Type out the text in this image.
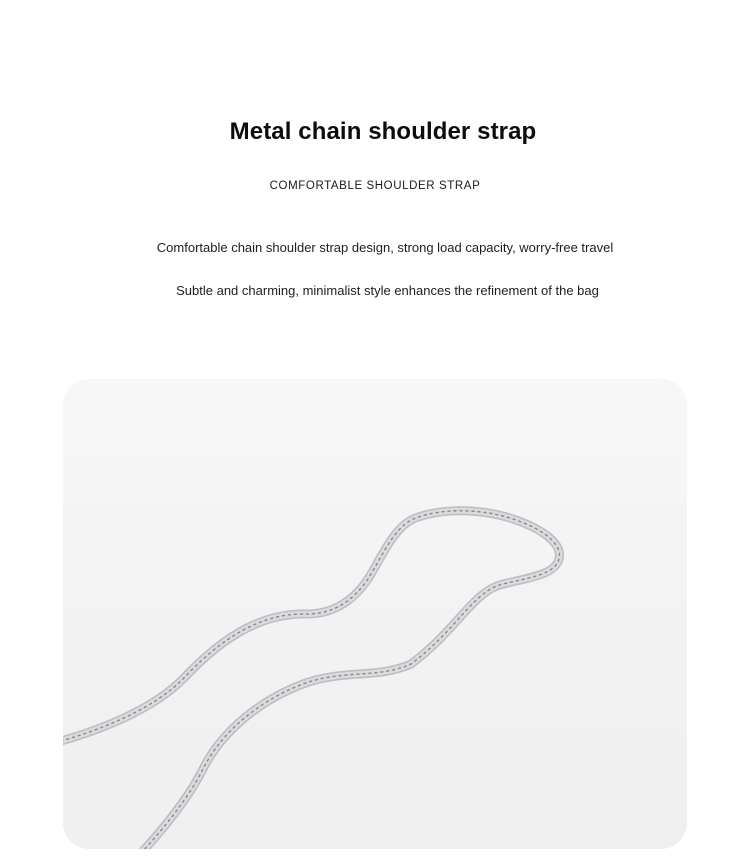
Metal chain shoulder strap

COMFORTABLE SHOULDER STRAP

Comfortable chain shoulder strap design, strong load capacity, worry-free travel

Subtle and charming, minimalist style enhances the refinement of the bag
